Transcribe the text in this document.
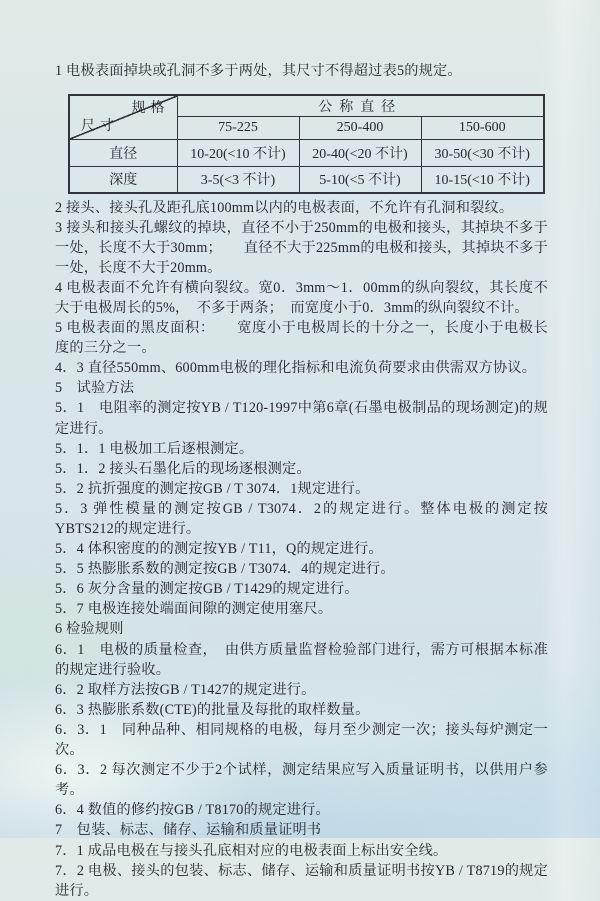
1 电极表面掉块或孔洞不多于两处，其尺寸不得超过表5的规定。

规格
尺寸	公称直径		
	75-225	250-400	150-600
直径	10-20(<10 不计)	20-40(<20 不计)	30-50(<30 不计)
深度	3-5(<3 不计)	5-10(<5 不计)	10-15(<10 不计)

2 接头、接头孔及距孔底100mm以内的电极表面，不允许有孔洞和裂纹。

3 接头和接头孔螺纹的掉块，直径不小于250mm的电极和接头，其掉块不多于一处，长度不大于30mm；　　直径不大于225mm的电极和接头，其掉块不多于一处，长度不大于20mm。

4 电极表面不允许有横向裂纹。宽0．3mm～1．00mm的纵向裂纹，其长度不大于电极周长的5%，　不多于两条；　而宽度小于0．3mm的纵向裂纹不计。

5 电极表面的黑皮面积：　　宽度小于电极周长的十分之一，长度小于电极长度的三分之一。

4．3 直径550mm、600mm电极的理化指标和电流负荷要求由供需双方协议。

5　试验方法

5．1　电阻率的测定按YB / T120-1997中第6章(石墨电极制品的现场测定)的规定进行。

5．1．1 电极加工后逐根测定。

5．1．2 接头石墨化后的现场逐根测定。

5．2 抗折强度的测定按GB / T 3074．1规定进行。

5．3 弹性模量的测定按GB / T3074．2的规定进行。整体电极的测定按YBTS212的规定进行。

5．4 体积密度的的测定按YB / T11，Q的规定进行。

5．5 热膨胀系数的测定按GB / T3074．4的规定进行。

5．6 灰分含量的测定按GB / T1429的规定进行。

5．7 电极连接处端面间隙的测定使用塞尺。

6 检验规则

6．1　电极的质量检查，　由供方质量监督检验部门进行，需方可根据本标准的规定进行验收。

6．2 取样方法按GB / T1427的规定进行。

6．3 热膨胀系数(CTE)的批量及每批的取样数量。

6．3．1　同种品种、相同规格的电极，每月至少测定一次；接头每炉测定一次。

6．3．2 每次测定不少于2个试样，测定结果应写入质量证明书，以供用户参考。

6．4 数值的修约按GB / T8170的规定进行。

7　包装、标志、储存、运输和质量证明书

7．1 成品电极在与接头孔底相对应的电极表面上标出安全线。

7．2 电极、接头的包装、标志、储存、运输和质量证明书按YB / T8719的规定进行。
